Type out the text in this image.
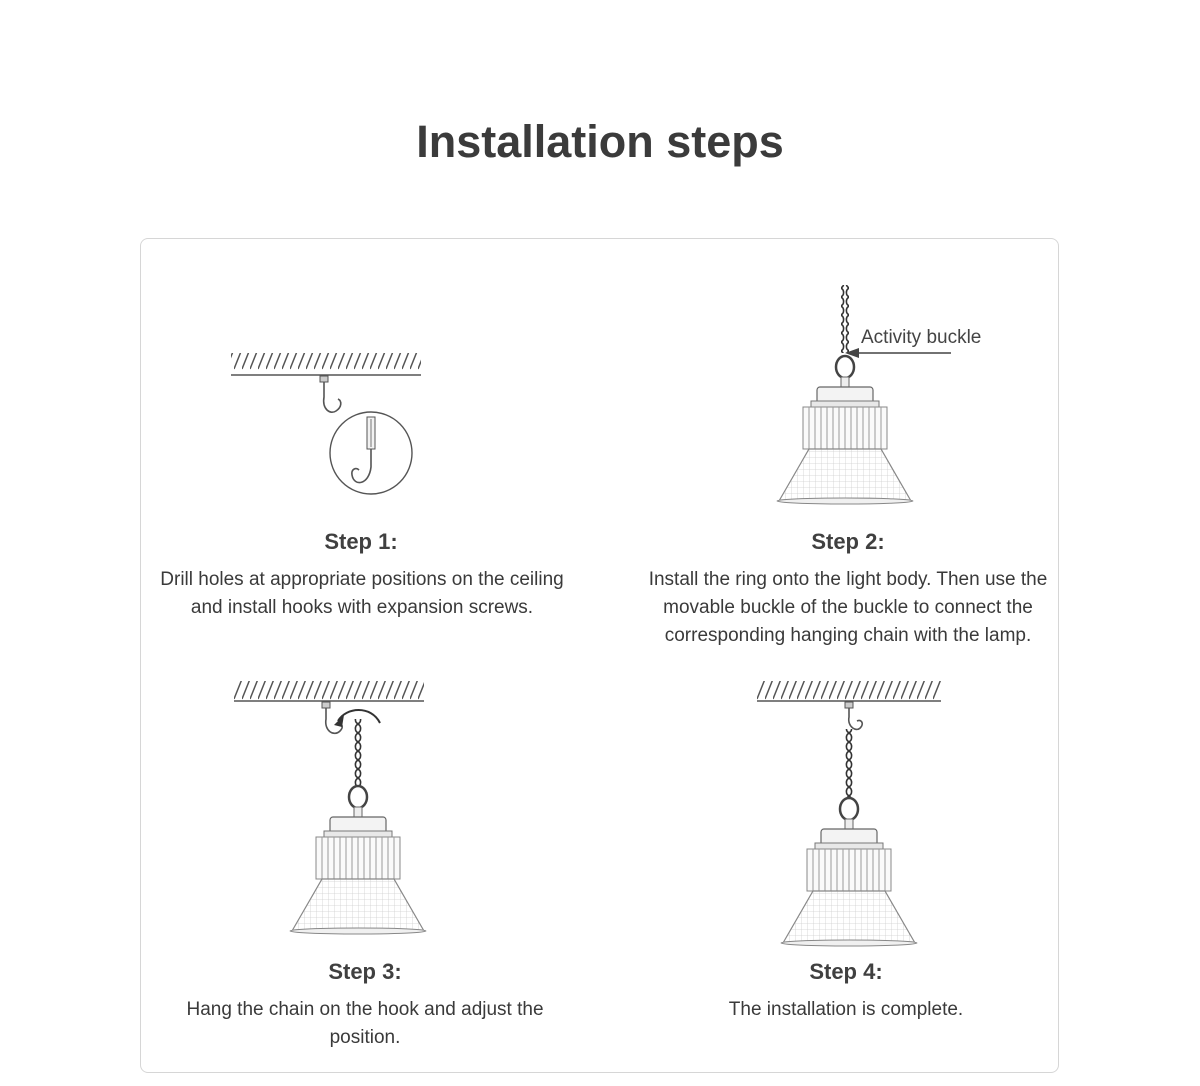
Installation steps
Step 1:

Drill holes at appropriate positions on the ceiling and install hooks with expansion screws.

Activity buckle
Step 2:

Install the ring onto the light body. Then use the movable buckle of the buckle to connect the corresponding hanging chain with the lamp.

Step 3:

Hang the chain on the hook and adjust the position.

Step 4:

The installation is complete.
